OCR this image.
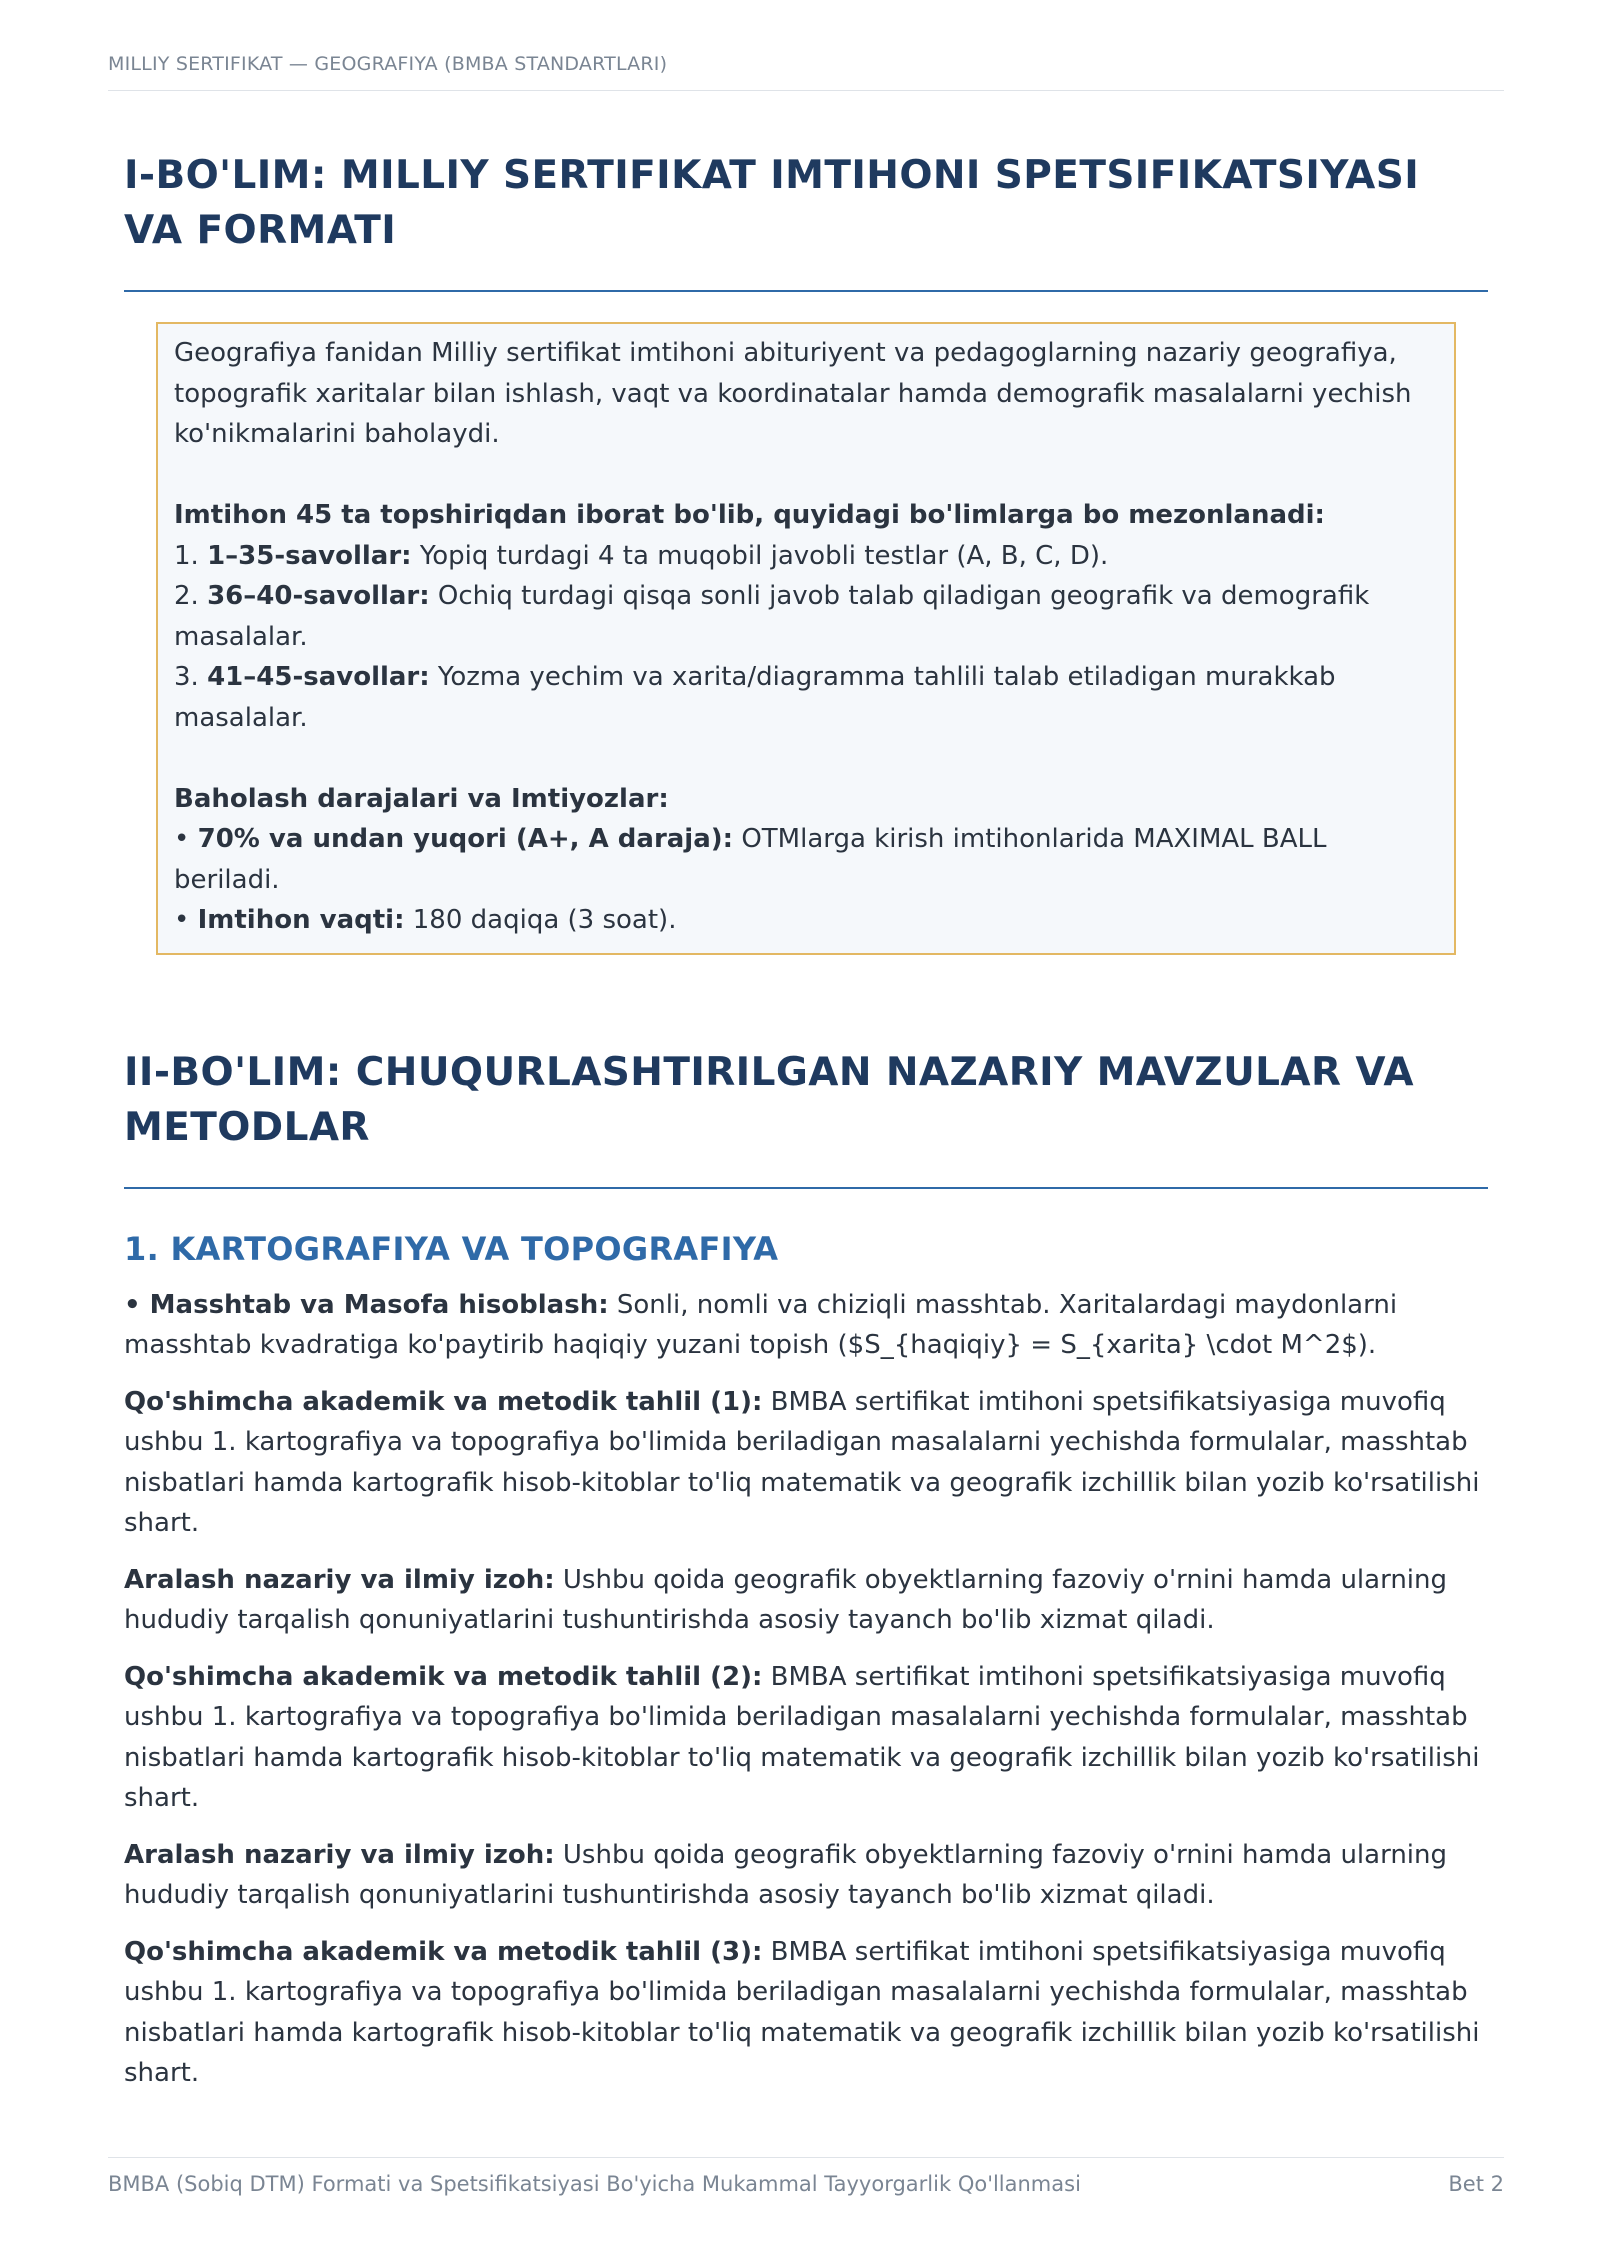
MILLIY SERTIFIKAT — GEOGRAFIYA (BMBA STANDARTLARI)
I-BO'LIM: MILLIY SERTIFIKAT IMTIHONI SPETSIFIKATSIYASI VA FORMATI

Geografiya fanidan Milliy sertifikat imtihoni abituriyent va pedagoglarning nazariy geografiya, topografik xaritalar bilan ishlash, vaqt va koordinatalar hamda demografik masalalarni yechish ko'nikmalarini baholaydi.

Imtihon 45 ta topshiriqdan iborat bo'lib, quyidagi bo'limlarga bo mezonlanadi:

1. 1–35-savollar: Yopiq turdagi 4 ta muqobil javobli testlar (A, B, C, D).

2. 36–40-savollar: Ochiq turdagi qisqa sonli javob talab qiladigan geografik va demografik masalalar.

3. 41–45-savollar: Yozma yechim va xarita/diagramma tahlili talab etiladigan murakkab masalalar.

Baholash darajalari va Imtiyozlar:

• 70% va undan yuqori (A+, A daraja): OTMlarga kirish imtihonlarida MAXIMAL BALL beriladi.

• Imtihon vaqti: 180 daqiqa (3 soat).

II-BO'LIM: CHUQURLASHTIRILGAN NAZARIY MAVZULAR VA METODLAR
1. KARTOGRAFIYA VA TOPOGRAFIYA

• Masshtab va Masofa hisoblash: Sonli, nomli va chiziqli masshtab. Xaritalardagi maydonlarni masshtab kvadratiga ko'paytirib haqiqiy yuzani topish ($S_{haqiqiy} = S_{xarita} \cdot M^2$).

Qo'shimcha akademik va metodik tahlil (1): BMBA sertifikat imtihoni spetsifikatsiyasiga muvofiq ushbu 1. kartografiya va topografiya bo'limida beriladigan masalalarni yechishda formulalar, masshtab nisbatlari hamda kartografik hisob-kitoblar to'liq matematik va geografik izchillik bilan yozib ko'rsatilishi shart.

Aralash nazariy va ilmiy izoh: Ushbu qoida geografik obyektlarning fazoviy o'rnini hamda ularning hududiy tarqalish qonuniyatlarini tushuntirishda asosiy tayanch bo'lib xizmat qiladi.

Qo'shimcha akademik va metodik tahlil (2): BMBA sertifikat imtihoni spetsifikatsiyasiga muvofiq ushbu 1. kartografiya va topografiya bo'limida beriladigan masalalarni yechishda formulalar, masshtab nisbatlari hamda kartografik hisob-kitoblar to'liq matematik va geografik izchillik bilan yozib ko'rsatilishi shart.

Aralash nazariy va ilmiy izoh: Ushbu qoida geografik obyektlarning fazoviy o'rnini hamda ularning hududiy tarqalish qonuniyatlarini tushuntirishda asosiy tayanch bo'lib xizmat qiladi.

Qo'shimcha akademik va metodik tahlil (3): BMBA sertifikat imtihoni spetsifikatsiyasiga muvofiq ushbu 1. kartografiya va topografiya bo'limida beriladigan masalalarni yechishda formulalar, masshtab nisbatlari hamda kartografik hisob-kitoblar to'liq matematik va geografik izchillik bilan yozib ko'rsatilishi shart.

BMBA (Sobiq DTM) Formati va Spetsifikatsiyasi Bo'yicha Mukammal Tayyorgarlik Qo'llanmasi	Bet 2
